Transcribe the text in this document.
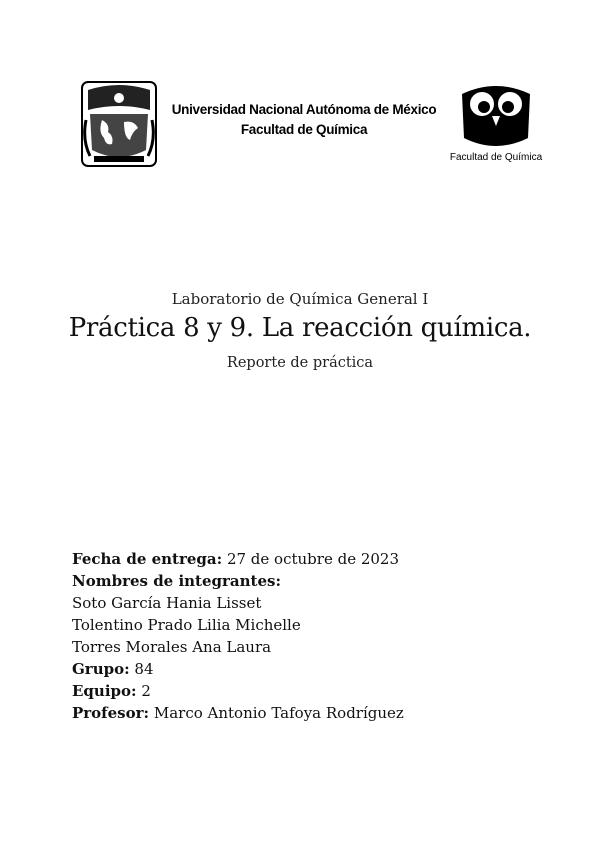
Universidad Nacional Autónoma de México
Facultad de Química
Facultad de Química
Laboratorio de Química General I
Práctica 8 y 9. La reacción química.
Reporte de práctica
Fecha de entrega: 27 de octubre de 2023
Nombres de integrantes:
Soto García Hania Lisset
Tolentino Prado Lilia Michelle
Torres Morales Ana Laura
Grupo: 84
Equipo: 2
Profesor: Marco Antonio Tafoya Rodríguez
